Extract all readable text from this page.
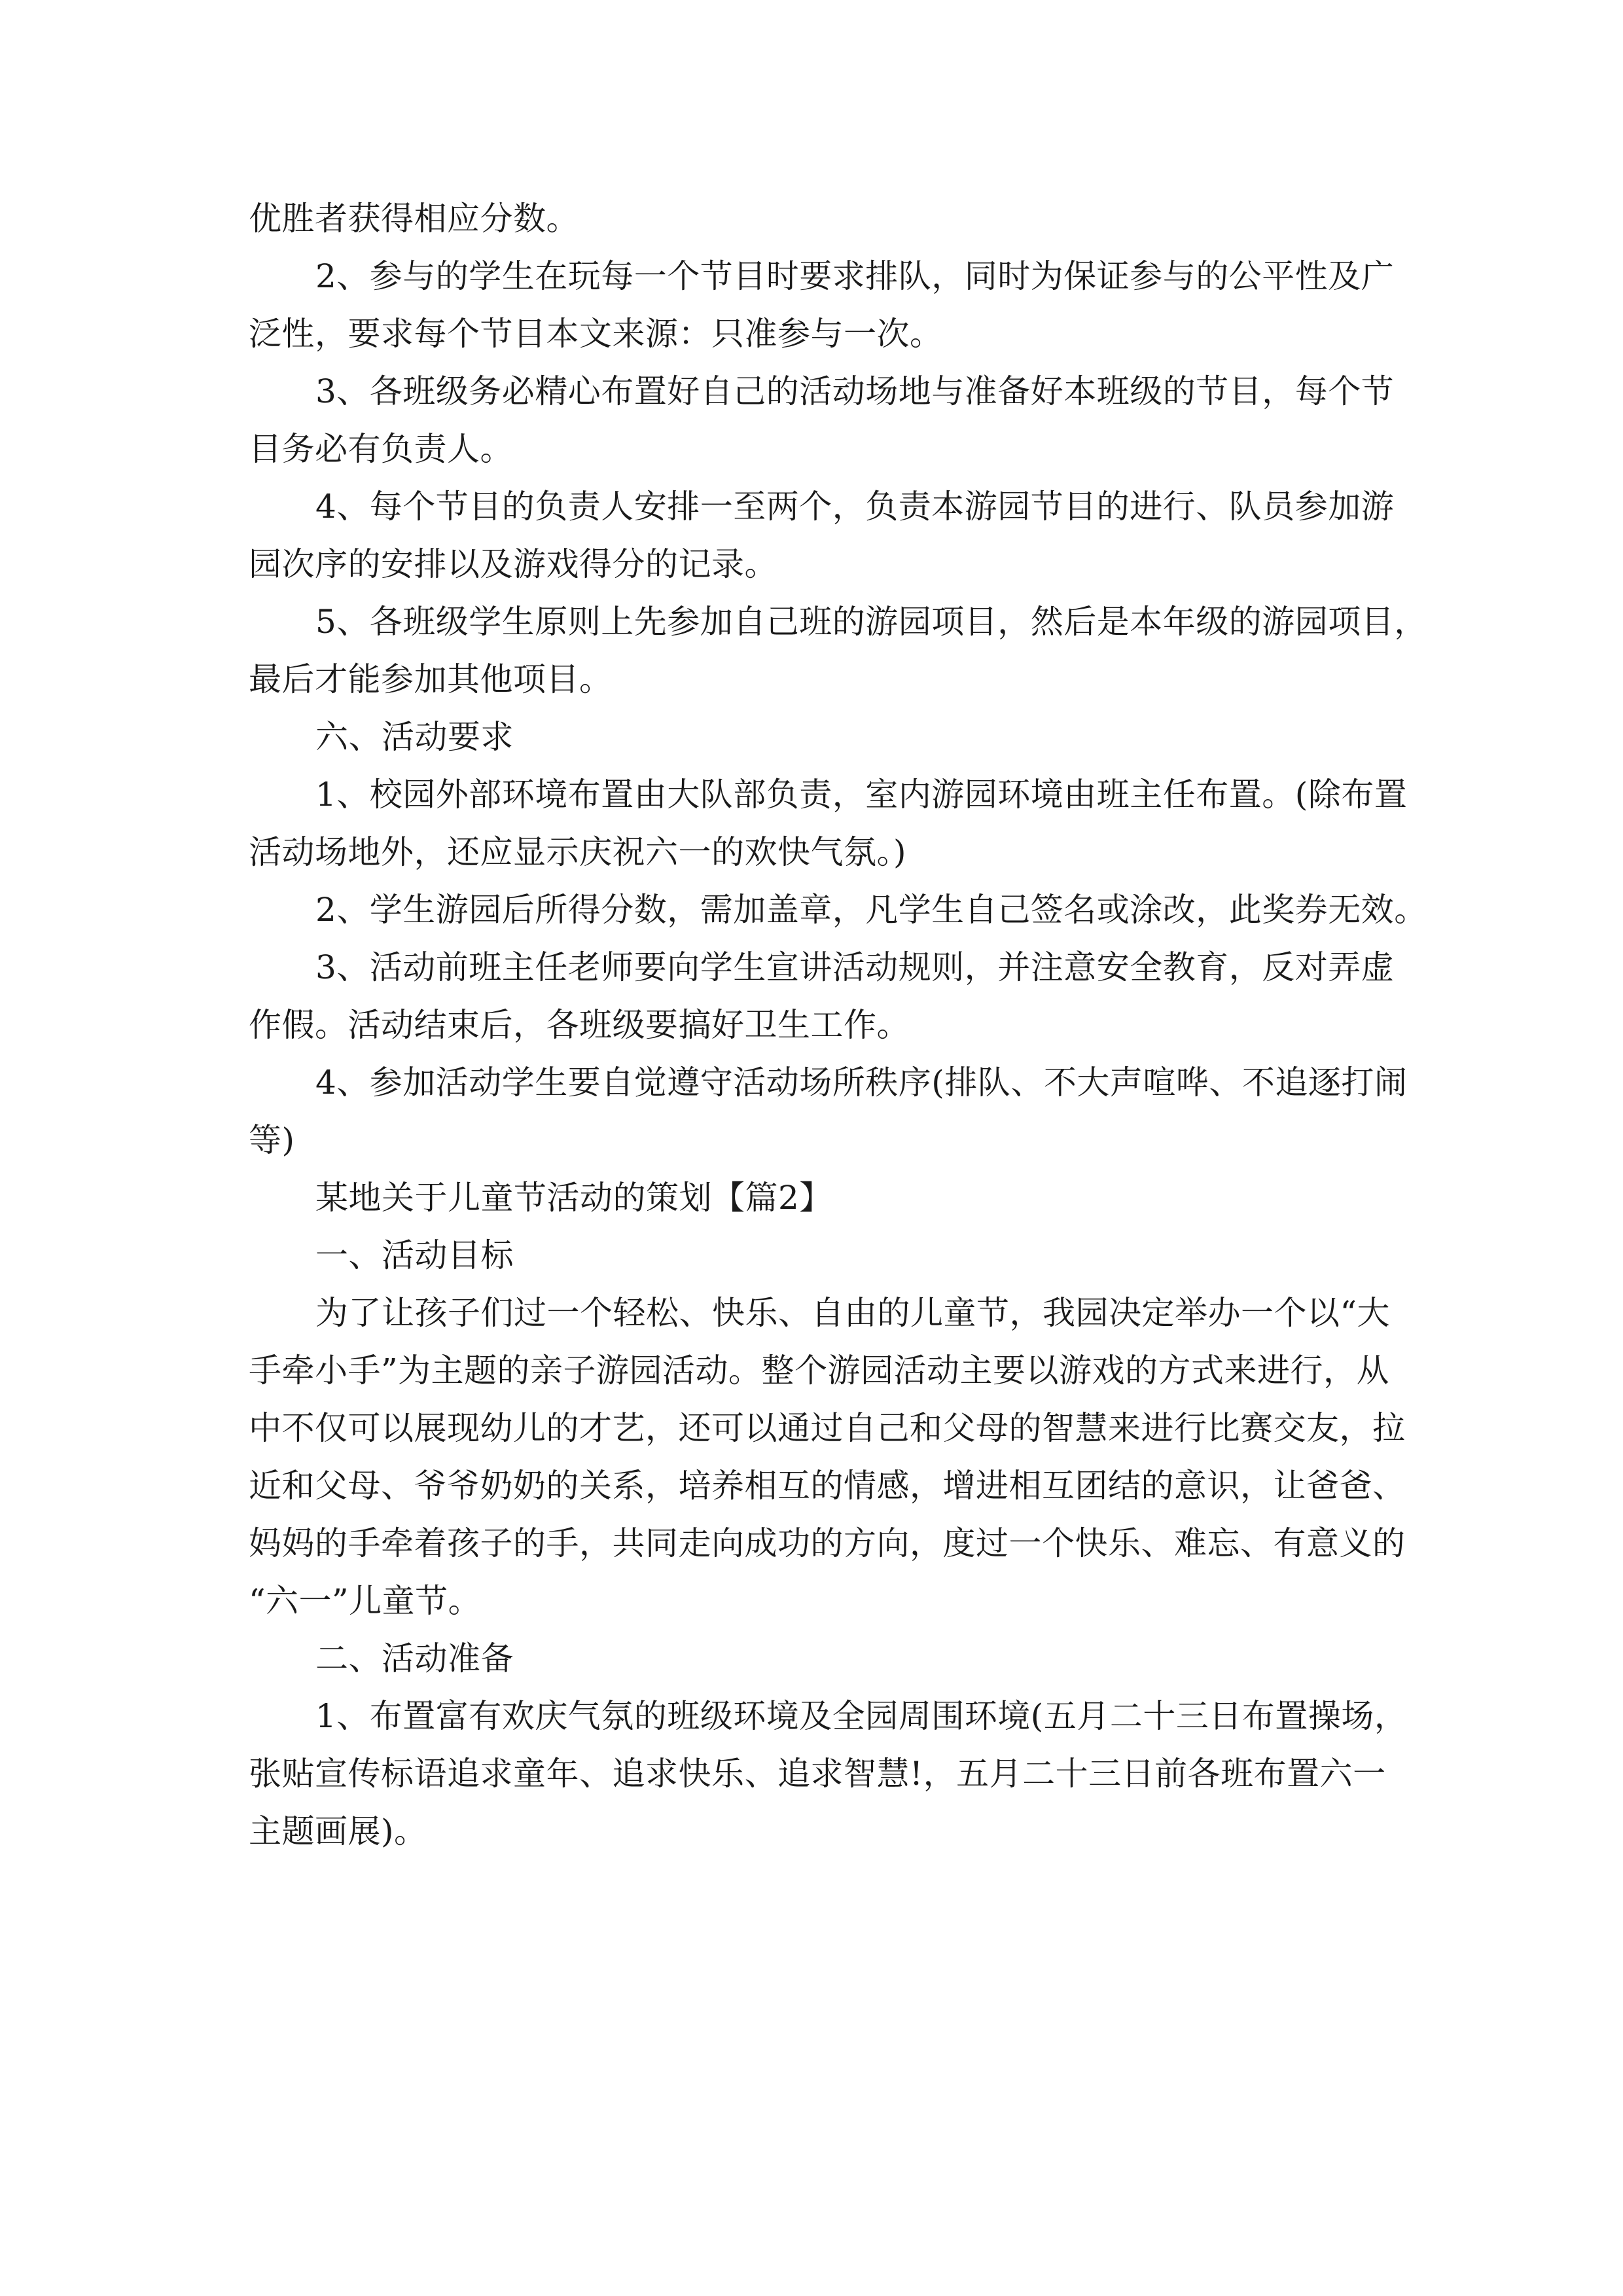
优胜者获得相应分数。

2、参与的学生在玩每一个节目时要求排队，同时为保证参与的公平性及广
泛性，要求每个节目本文来源：只准参与一次。

3、各班级务必精心布置好自己的活动场地与准备好本班级的节目，每个节
目务必有负责人。

4、每个节目的负责人安排一至两个，负责本游园节目的进行、队员参加游
园次序的安排以及游戏得分的记录。

5、各班级学生原则上先参加自己班的游园项目，然后是本年级的游园项目，
最后才能参加其他项目。

六、活动要求

1、校园外部环境布置由大队部负责，室内游园环境由班主任布置。(除布置
活动场地外，还应显示庆祝六一的欢快气氛。)

2、学生游园后所得分数，需加盖章，凡学生自己签名或涂改，此奖券无效。

3、活动前班主任老师要向学生宣讲活动规则，并注意安全教育，反对弄虚
作假。活动结束后，各班级要搞好卫生工作。

4、参加活动学生要自觉遵守活动场所秩序(排队、不大声喧哗、不追逐打闹
等)

某地关于儿童节活动的策划【篇2】

一、活动目标

为了让孩子们过一个轻松、快乐、自由的儿童节，我园决定举办一个以“大
手牵小手”为主题的亲子游园活动。整个游园活动主要以游戏的方式来进行，从
中不仅可以展现幼儿的才艺，还可以通过自己和父母的智慧来进行比赛交友，拉
近和父母、爷爷奶奶的关系，培养相互的情感，增进相互团结的意识，让爸爸、
妈妈的手牵着孩子的手，共同走向成功的方向，度过一个快乐、难忘、有意义的
“六一”儿童节。

二、活动准备

1、布置富有欢庆气氛的班级环境及全园周围环境(五月二十三日布置操场，
张贴宣传标语追求童年、追求快乐、追求智慧!，五月二十三日前各班布置六一
主题画展)。
